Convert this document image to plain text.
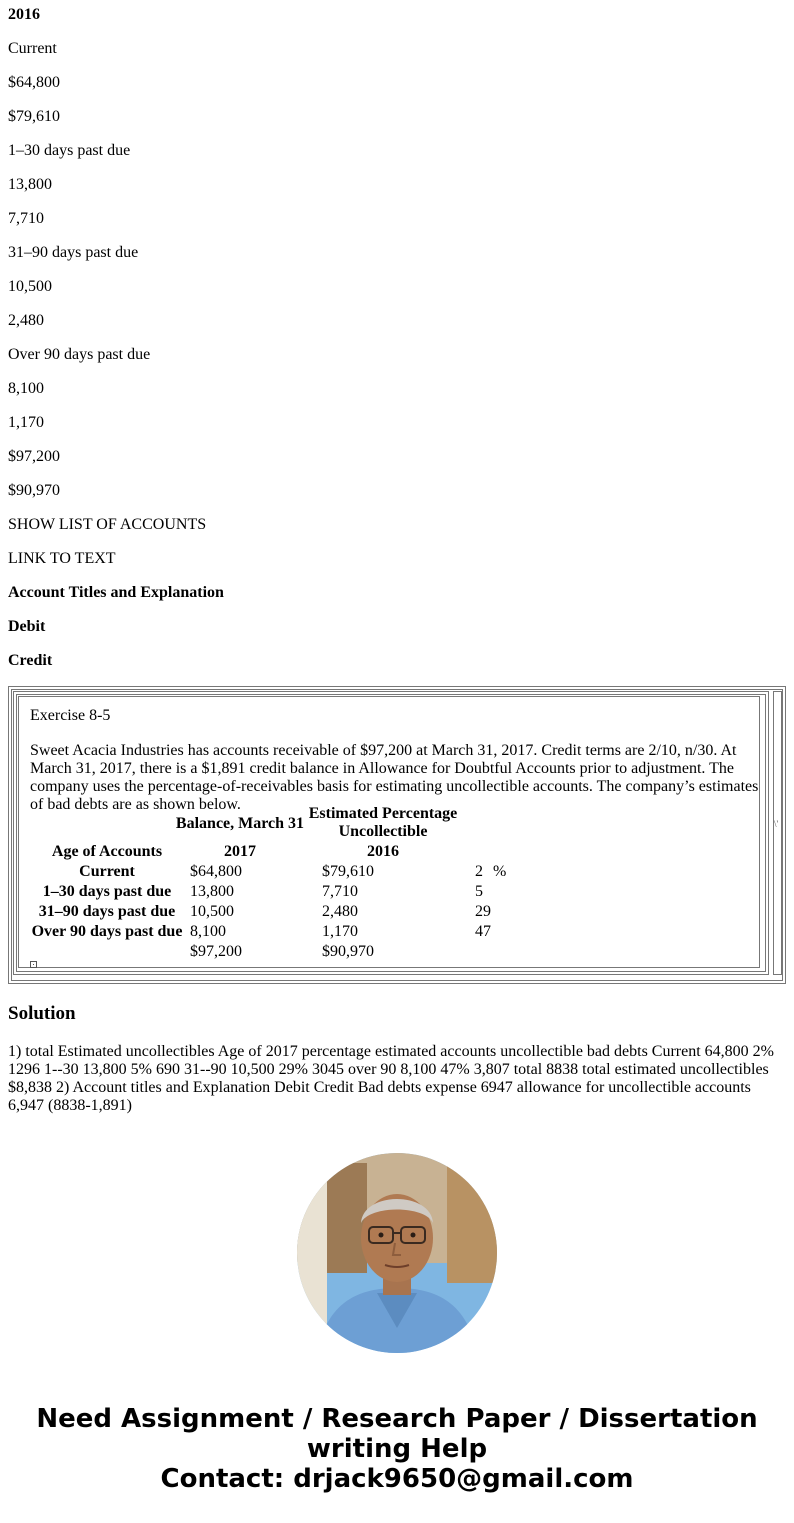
2016

Current

$64,800

$79,610

1–30 days past due

13,800

7,710

31–90 days past due

10,500

2,480

Over 90 days past due

8,100

1,170

$97,200

$90,970

SHOW LIST OF ACCOUNTS

LINK TO TEXT

Account Titles and Explanation

Debit

Credit

Exercise 8-5
Sweet Acacia Industries has accounts receivable of $97,200 at March 31, 2017. Credit terms are 2/10, n/30. At March 31, 2017, there is a $1,891 credit balance in Allowance for Doubtful Accounts prior to adjustment. The company uses the percentage-of-receivables basis for estimating uncollectible accounts. The company’s estimates of bad debts are as shown below.
Balance, March 31
Estimated Percentage
Uncollectible
Age of Accounts	2017	2016
Current	$64,800	$79,610	2 %
1–30 days past due	13,800	7,710	5
31–90 days past due 10,500	2,480	29
Over 90 days past due 8,100	1,170	47
$97,200	$90,970
\'
Solution

1) total Estimated uncollectibles Age of 2017 percentage estimated accounts uncollectible bad debts Current 64,800 2% 1296 1--30 13,800 5% 690 31--90 10,500 29% 3045 over 90 8,100 47% 3,807 total 8838 total estimated uncollectibles $8,838 2) Account titles and Explanation Debit Credit Bad debts expense 6947 allowance for uncollectible accounts 6,947 (8838-1,891)

Need Assignment / Research Paper / Dissertation
writing Help
Contact: drjack9650@gmail.com
